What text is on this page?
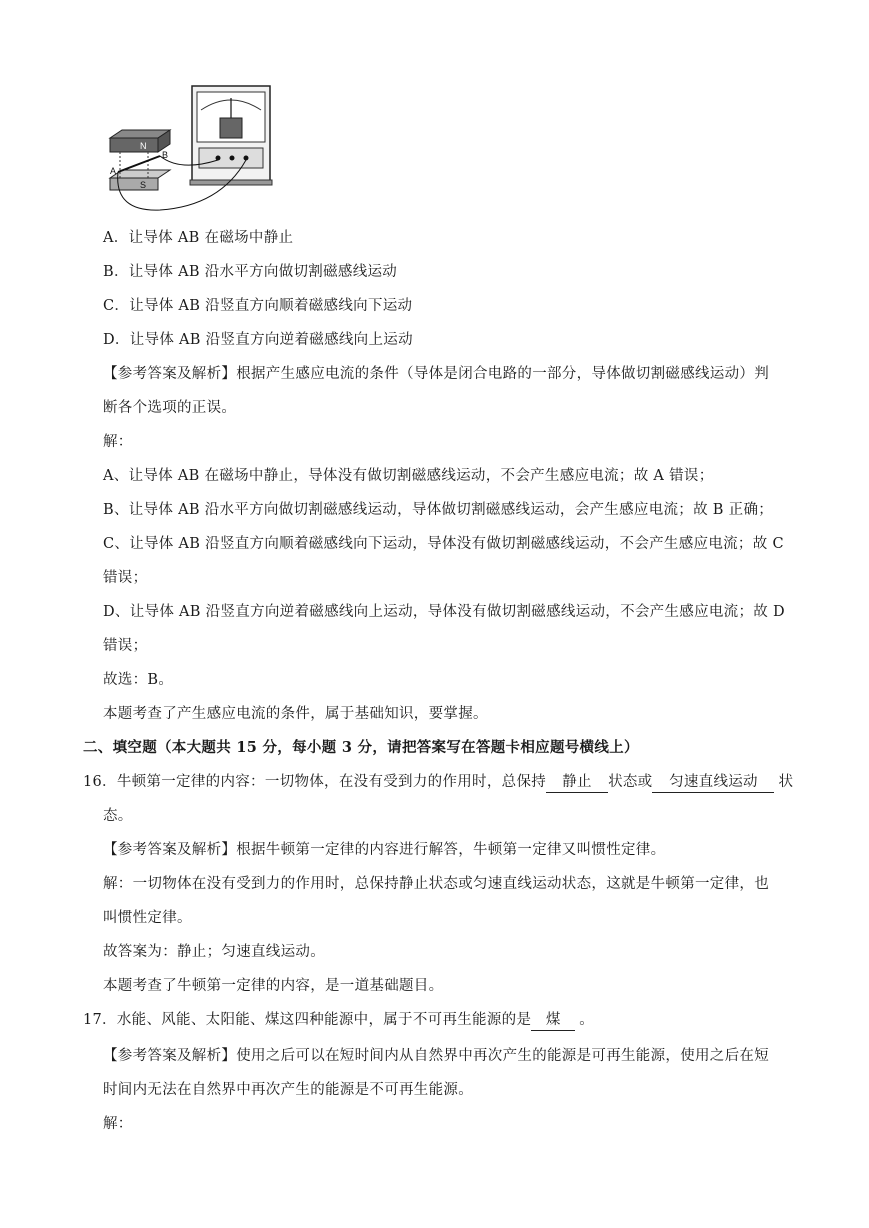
N
S
A
B
A．让导体 AB 在磁场中静止
B．让导体 AB 沿水平方向做切割磁感线运动
C．让导体 AB 沿竖直方向顺着磁感线向下运动
D．让导体 AB 沿竖直方向逆着磁感线向上运动
【参考答案及解析】根据产生感应电流的条件（导体是闭合电路的一部分，导体做切割磁感线运动）判
断各个选项的正误。
解：
A、让导体 AB 在磁场中静止，导体没有做切割磁感线运动，不会产生感应电流；故 A 错误；
B、让导体 AB 沿水平方向做切割磁感线运动，导体做切割磁感线运动，会产生感应电流；故 B 正确；
C、让导体 AB 沿竖直方向顺着磁感线向下运动，导体没有做切割磁感线运动，不会产生感应电流；故 C
错误；
D、让导体 AB 沿竖直方向逆着磁感线向上运动，导体没有做切割磁感线运动，不会产生感应电流；故 D
错误；
故选：B。
本题考查了产生感应电流的条件，属于基础知识，要掌握。
二、填空题（本大题共 15 分，每小题 3 分，请把答案写在答题卡相应题号横线上）
16．牛顿第一定律的内容：一切物体，在没有受到力的作用时，总保持 静止 状态或 匀速直线运动 状
态。
【参考答案及解析】根据牛顿第一定律的内容进行解答，牛顿第一定律又叫惯性定律。
解：一切物体在没有受到力的作用时，总保持静止状态或匀速直线运动状态，这就是牛顿第一定律，也
叫惯性定律。
故答案为：静止；匀速直线运动。
本题考查了牛顿第一定律的内容，是一道基础题目。
17．水能、风能、太阳能、煤这四种能源中，属于不可再生能源的是 煤 。
【参考答案及解析】使用之后可以在短时间内从自然界中再次产生的能源是可再生能源，使用之后在短
时间内无法在自然界中再次产生的能源是不可再生能源。
解：
